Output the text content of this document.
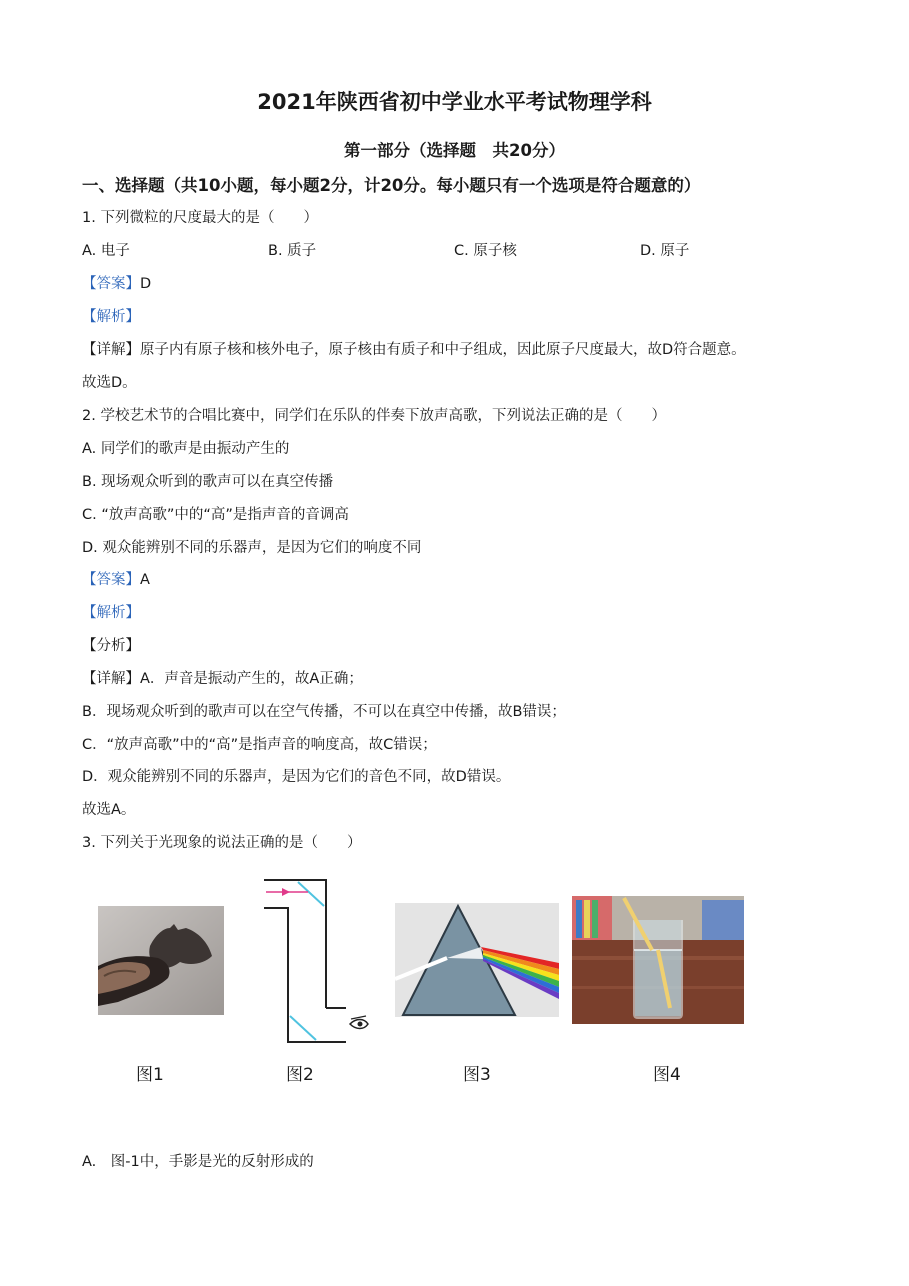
2021年陕西省初中学业水平考试物理学科
第一部分（选择题　共20分）
一、选择题（共10小题，每小题2分，计20分。每小题只有一个选项是符合题意的）
1. 下列微粒的尺度最大的是（　　）
A. 电子	B. 质子	C. 原子核	D. 原子
【答案】D
【解析】
【详解】原子内有原子核和核外电子，原子核由有质子和中子组成，因此原子尺度最大，故D符合题意。
故选D。
2. 学校艺术节的合唱比赛中，同学们在乐队的伴奏下放声高歌，下列说法正确的是（　　）
A. 同学们的歌声是由振动产生的
B. 现场观众听到的歌声可以在真空传播
C. “放声高歌”中的“高”是指声音的音调高
D. 观众能辨别不同的乐器声，是因为它们的响度不同
【答案】A
【解析】
【分析】
【详解】A．声音是振动产生的，故A正确；
B．现场观众听到的歌声可以在空气传播，不可以在真空中传播，故B错误；
C．“放声高歌”中的“高”是指声音的响度高，故C错误；
D．观众能辨别不同的乐器声，是因为它们的音色不同，故D错误。
故选A。
3. 下列关于光现象的说法正确的是（　　）
图1	图2	图3	图4
A.　图-1中，手影是光的反射形成的
